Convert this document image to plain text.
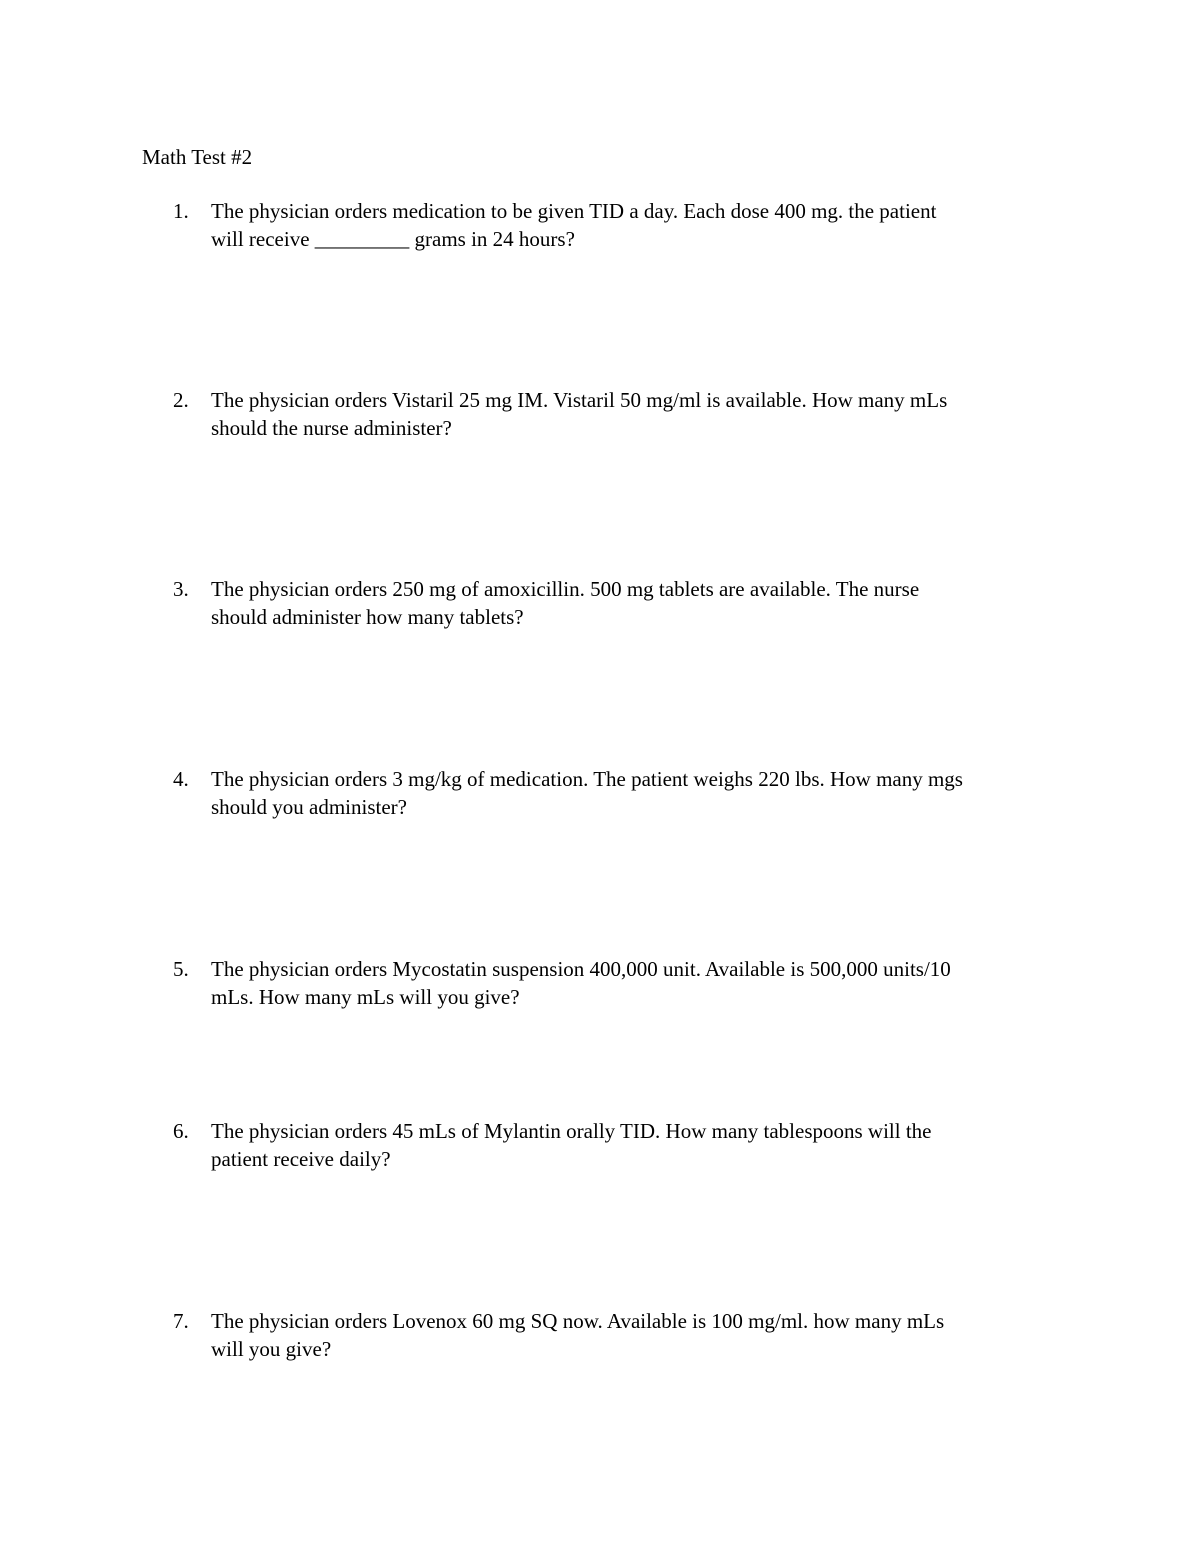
Math Test #2
1. The physician orders medication to be given TID a day. Each dose 400 mg. the patient
will receive _________ grams in 24 hours?
2. The physician orders Vistaril 25 mg IM. Vistaril 50 mg/ml is available. How many mLs
should the nurse administer?
3. The physician orders 250 mg of amoxicillin. 500 mg tablets are available. The nurse
should administer how many tablets?
4. The physician orders 3 mg/kg of medication. The patient weighs 220 lbs. How many mgs
should you administer?
5. The physician orders Mycostatin suspension 400,000 unit. Available is 500,000 units/10
mLs. How many mLs will you give?
6. The physician orders 45 mLs of Mylantin orally TID. How many tablespoons will the
patient receive daily?
7. The physician orders Lovenox 60 mg SQ now. Available is 100 mg/ml. how many mLs
will you give?
